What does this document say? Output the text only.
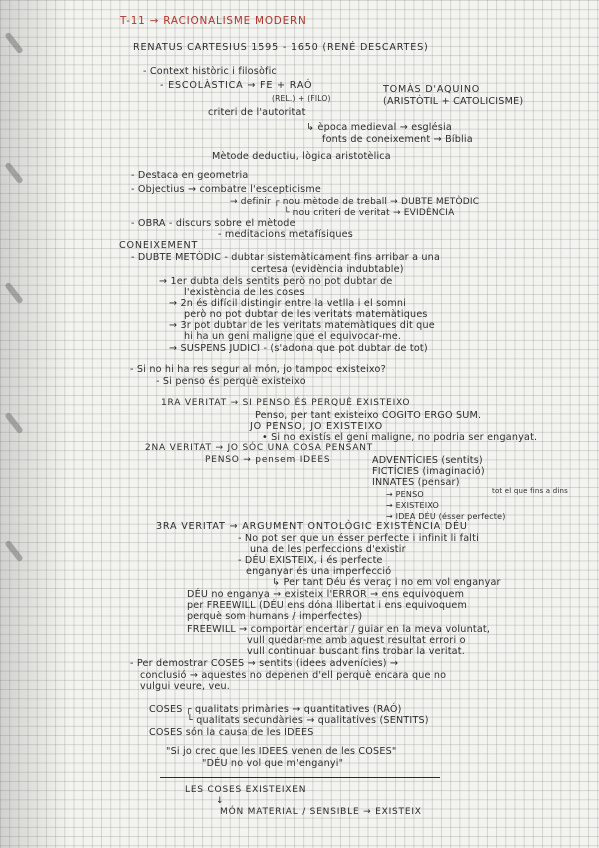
T-11 → RACIONALISME MODERN
RENATUS CARTESIUS 1595 - 1650 (RENÉ DESCARTES)
- Context històric i filosòfic
- ESCOLÀSTICA → FE + RAÓ	TOMÀS D'AQUINO
(ARISTÒTIL + CATOLICISME)
(REL.) + (FILO)
criteri de l'autoritat
↳ època medieval → església
fonts de coneixement → Bíblia
Mètode deductiu, lògica aristotèlica
- Destaca en geometria
- Objectius → combatre l'escepticisme
→ definir ┌ nou mètode de treball → DUBTE METÒDIC
└ nou criteri de veritat → EVIDÈNCIA
- OBRA - discurs sobre el mètode
- meditacions metafísiques
CONEIXEMENT
- DUBTE METÒDIC - dubtar sistemàticament fins arribar a una
certesa (evidència indubtable)
→ 1er dubta dels sentits però no pot dubtar de
l'existència de les coses
→ 2n és difícil distingir entre la vetlla i el somni
però no pot dubtar de les veritats matemàtiques
→ 3r pot dubtar de les veritats matemàtiques dit que
hi ha un geni maligne que el equivocar-me.
→ SUSPENS JUDICI - (s'adona que pot dubtar de tot)
- Si no hi ha res segur al món, jo tampoc existeixo?
- Si penso és perquè existeixo
1RA VERITAT → SI PENSO ÉS PERQUÈ EXISTEIXO
Penso, per tant existeixo COGITO ERGO SUM.
JO PENSO, JO EXISTEIXO
• Si no existís el geni maligne, no podria ser enganyat.
2NA VERITAT → JO SÓC UNA COSA PENSANT
PENSO → pensem IDEES	ADVENTÍCIES (sentits)
FICTÍCIES (imaginació)
INNATES (pensar)
→ PENSO
→ EXISTEIXO
→ IDEA DÉU (ésser perfecte)
tot el que fins a dins
3RA VERITAT → ARGUMENT ONTOLÒGIC EXISTÈNCIA DÉU
- No pot ser que un ésser perfecte i infinit li falti
una de les perfeccions d'existir
- DÉU EXISTEIX, i és perfecte
enganyar és una imperfecció
↳ Per tant Déu és veraç i no em vol enganyar
DÉU no enganya → existeix l'ERROR → ens equivoquem
per FREEWILL (DÉU ens dóna llibertat i ens equivoquem
perquè som humans / imperfectes)
FREEWILL → comportar encertar / guiar en la meva voluntat,
vull quedar-me amb aquest resultat errori o
vull continuar buscant fins trobar la veritat.
- Per demostrar COSES → sentits (idees advenícies) →
conclusió → aquestes no depenen d'ell perquè encara que no
vulgui veure, veu.
COSES ┌ qualitats primàries → quantitatives (RAÓ)
└ qualitats secundàries → qualitatives (SENTITS)
COSES són la causa de les IDEES
"Si jo crec que les IDEES venen de les COSES"
"DÉU no vol que m'enganyi"
LES COSES EXISTEIXEN
↓
MÓN MATERIAL / SENSIBLE → EXISTEIX
